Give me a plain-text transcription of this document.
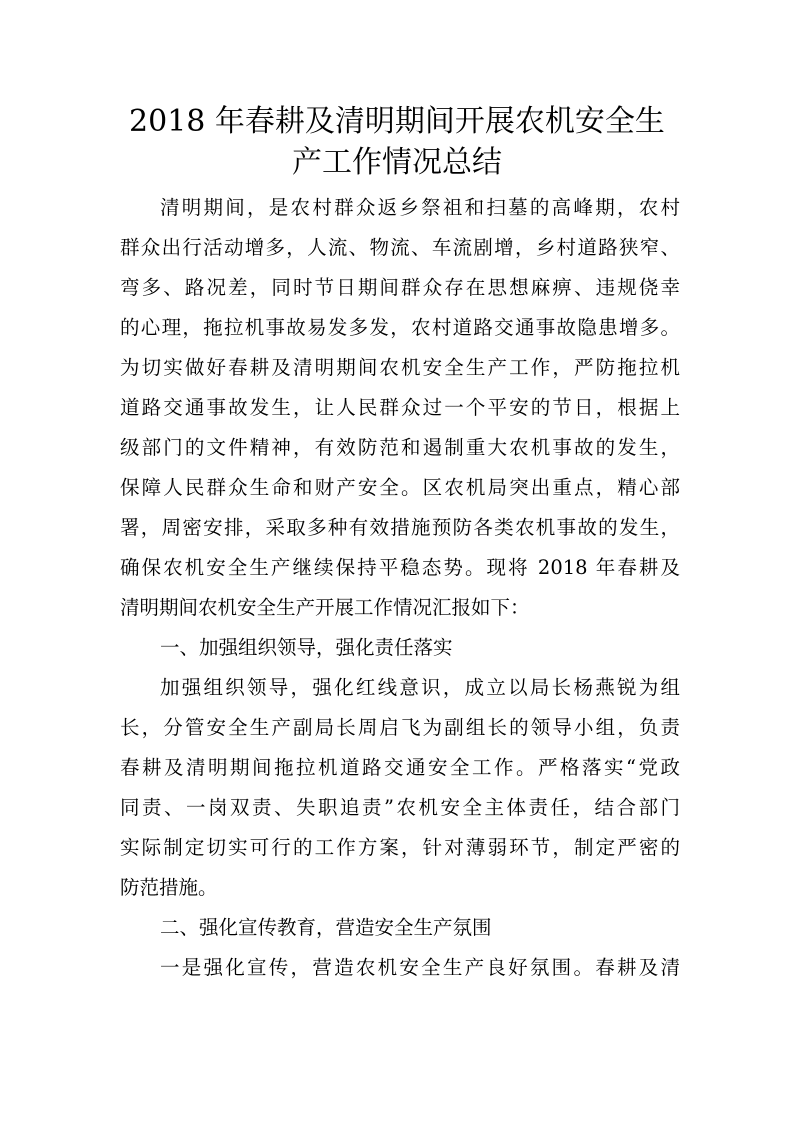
2018 年春耕及清明期间开展农机安全生
产工作情况总结
清明期间，是农村群众返乡祭祖和扫墓的高峰期，农村
群众出行活动增多，人流、物流、车流剧增，乡村道路狭窄、
弯多、路况差，同时节日期间群众存在思想麻痹、违规侥幸
的心理，拖拉机事故易发多发，农村道路交通事故隐患增多。
为切实做好春耕及清明期间农机安全生产工作，严防拖拉机
道路交通事故发生，让人民群众过一个平安的节日，根据上
级部门的文件精神，有效防范和遏制重大农机事故的发生，
保障人民群众生命和财产安全。区农机局突出重点，精心部
署，周密安排，采取多种有效措施预防各类农机事故的发生，
确保农机安全生产继续保持平稳态势。现将 2018 年春耕及
清明期间农机安全生产开展工作情况汇报如下：
一、加强组织领导，强化责任落实
加强组织领导，强化红线意识，成立以局长杨燕锐为组
长，分管安全生产副局长周启飞为副组长的领导小组，负责
春耕及清明期间拖拉机道路交通安全工作。严格落实“党政
同责、一岗双责、失职追责”农机安全主体责任，结合部门
实际制定切实可行的工作方案，针对薄弱环节，制定严密的
防范措施。
二、强化宣传教育，营造安全生产氛围
一是强化宣传，营造农机安全生产良好氛围。春耕及清
